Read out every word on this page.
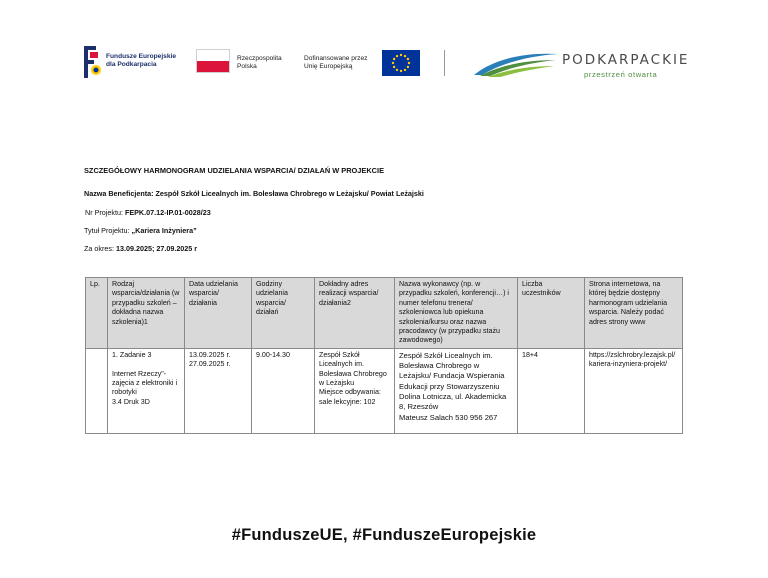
Fundusze Europejskie
dla Podkarpacia
Rzeczpospolita
Polska
Dofinansowane przez
Unię Europejską	PODKARPACKIE
przestrzeń otwarta
SZCZEGÓŁOWY HARMONOGRAM UDZIELANIA WSPARCIA/ DZIAŁAŃ W PROJEKCIE
Nazwa Beneficjenta: Zespół Szkół Licealnych im. Bolesława Chrobrego w Leżajsku/ Powiat Leżajski
Nr Projektu: FEPK.07.12-IP.01-0028/23
Tytuł Projektu: „Kariera Inżyniera”
Za okres: 13.09.2025; 27.09.2025 r
Lp.	Rodzaj wsparcia/działania (w przypadku szkoleń – dokładna nazwa szkolenia)1	Data udzielania wsparcia/ działania	Godziny udzielania wsparcia/ działań	Dokładny adres realizacji wsparcia/ działania2	Nazwa wykonawcy (np. w przypadku szkoleń, konferencji…) i numer telefonu trenera/ szkoleniowca lub opiekuna szkolenia/kursu oraz nazwa pracodawcy (w przypadku stażu zawodowego)	Liczba uczestników	Strona internetowa, na której będzie dostępny harmonogram udzielania wsparcia. Należy podać adres strony www
	1. Zadanie 3

Internet Rzeczy"- zajęcia z elektroniki i robotyki
3.4 Druk 3D	13.09.2025 r.
27.09.2025 r.	9.00-14.30	Zespół Szkół Licealnych im. Bolesława Chrobrego w Leżajsku
Miejsce odbywania: sale lekcyjne: 102	Zespół Szkół Licealnych im. Bolesława Chrobrego w Leżajsku/ Fundacja Wspierania Edukacji przy Stowarzyszeniu Dolina Lotnicza, ul. Akademicka 8, Rzeszów
Mateusz Salach 530 956 267	18+4	https://zslchrobry.lezajsk.pl/kariera-inzyniera-projekt/
#FunduszeUE, #FunduszeEuropejskie
